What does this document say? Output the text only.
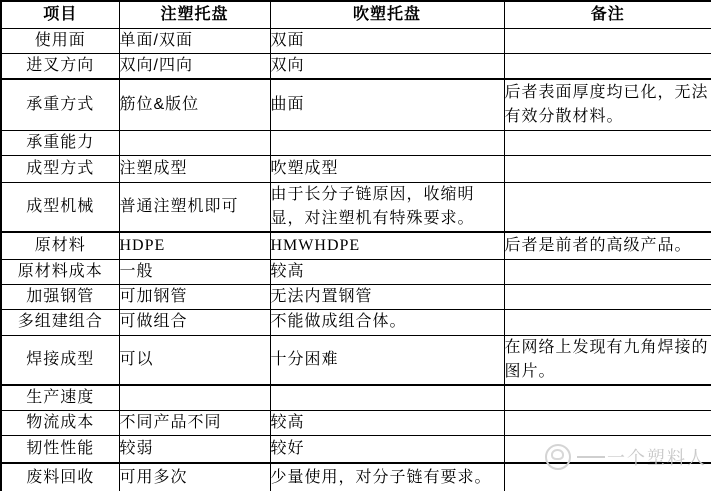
项目	注塑托盘	吹塑托盘	备注
使用面	单面/双面	双面	
进叉方向	双向/四向	双向	
承重方式	筋位&版位	曲面	后者表面厚度均已化，无法有效分散材料。
承重能力			
成型方式	注塑成型	吹塑成型	
成型机械	普通注塑机即可	由于长分子链原因，收缩明显，对注塑机有特殊要求。	
原材料	HDPE	HMWHDPE	后者是前者的高级产品。
原材料成本	一般	较高	
加强钢管	可加钢管	无法内置钢管	
多组建组合	可做组合	不能做成组合体。	
焊接成型	可以	十分困难	在网络上发现有九角焊接的图片。
生产速度			
物流成本	不同产品不同	较高	
韧性性能	较弱	较好	
废料回收	可用多次	少量使用，对分子链有要求。	
一个塑料人
